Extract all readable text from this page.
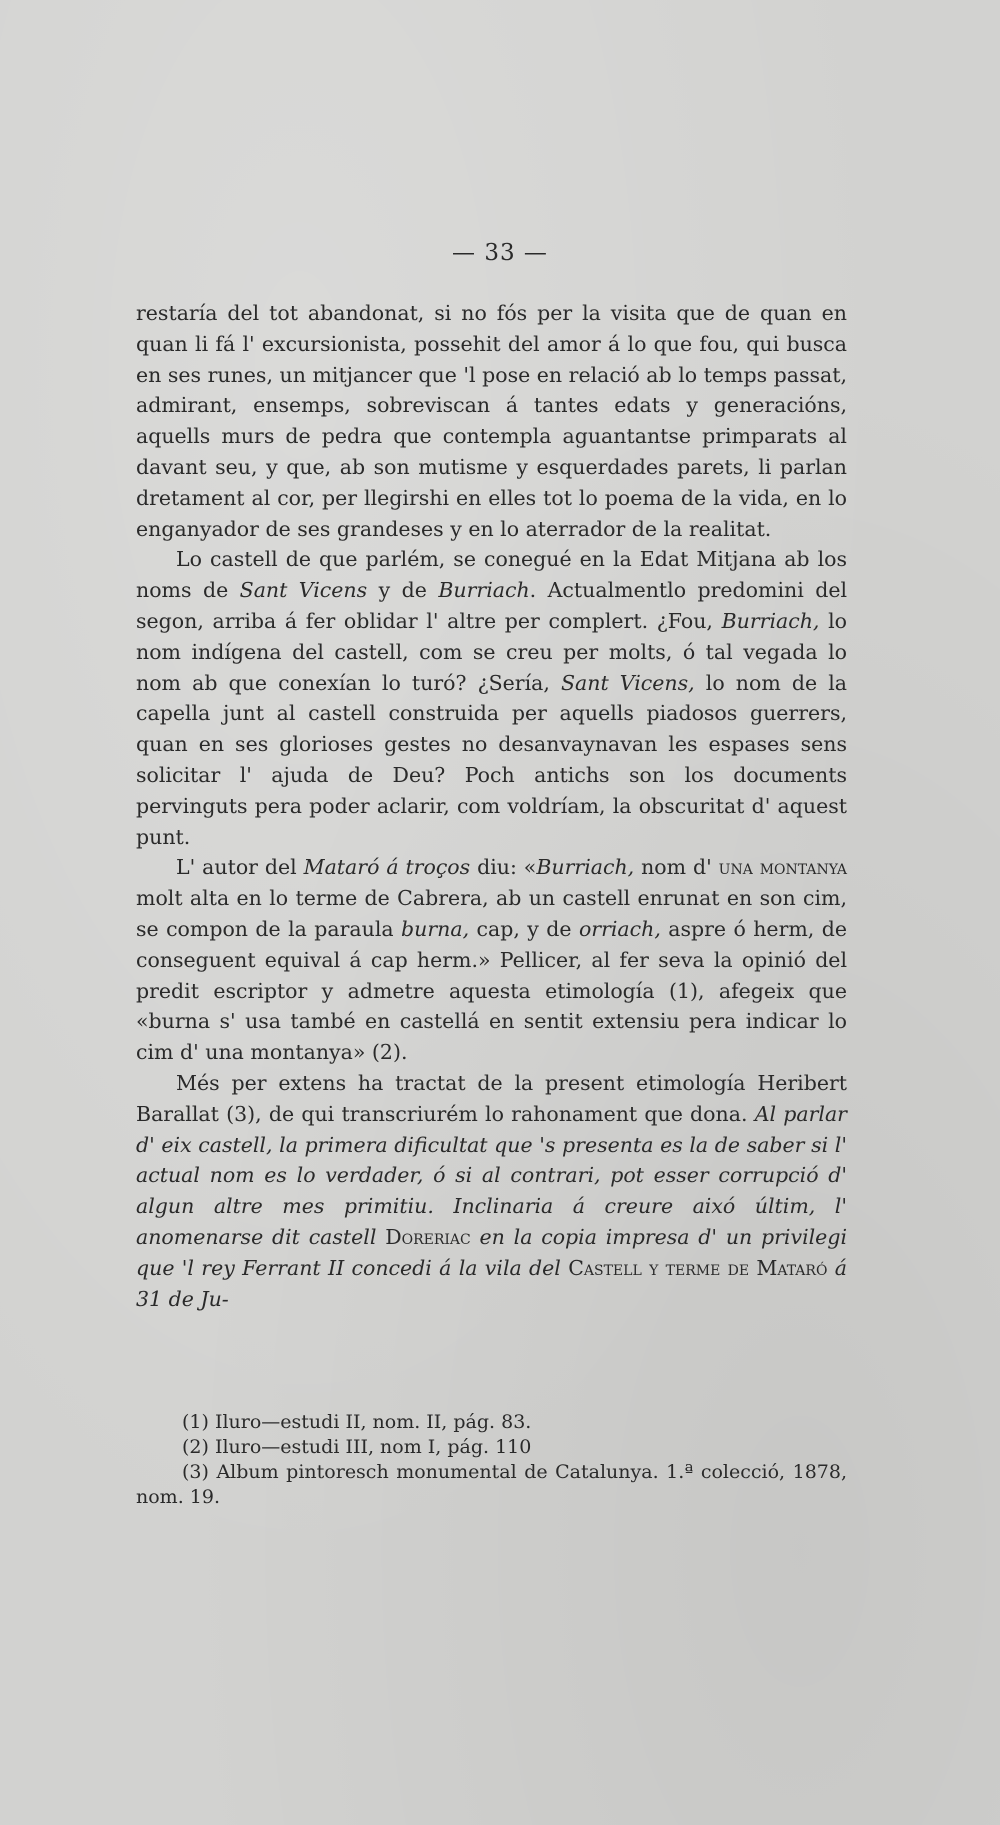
— 33 —

restaría del tot abandonat, si no fós per la visita que de quan en quan li fá l' excursionista, possehit del amor á lo que fou, qui busca en ses runes, un mitjancer que 'l pose en relació ab lo temps passat, admirant, ensemps, sobreviscan á tantes edats y generacións, aquells murs de pedra que contempla aguantantse primparats al davant seu, y que, ab son mutisme y esquerdades parets, li parlan dretament al cor, per llegirshi en elles tot lo poema de la vida, en lo enganyador de ses grandeses y en lo aterrador de la realitat.

Lo castell de que parlém, se conegué en la Edat Mitjana ab los noms de Sant Vicens y de Burriach. Actualmentlo predomini del segon, arriba á fer oblidar l' altre per complert. ¿Fou, Burriach, lo nom indígena del castell, com se creu per molts, ó tal vegada lo nom ab que conexían lo turó? ¿Sería, Sant Vicens, lo nom de la capella junt al castell construida per aquells piadosos guerrers, quan en ses glorioses gestes no desanvaynavan les espases sens solicitar l' ajuda de Deu? Poch antichs son los documents pervinguts pera poder aclarir, com voldríam, la obscuritat d' aquest punt.

L' autor del Mataró á troços diu: «Burriach, nom d' una montanya molt alta en lo terme de Cabrera, ab un castell enrunat en son cim, se compon de la paraula burna, cap, y de orriach, aspre ó herm, de conseguent equival á cap herm.» Pellicer, al fer seva la opinió del predit escriptor y admetre aquesta etimología (1), afegeix que «burna s' usa també en castellá en sentit extensiu pera indicar lo cim d' una montanya» (2).

Més per extens ha tractat de la present etimología Heribert Barallat (3), de qui transcriurém lo rahonament que dona. Al parlar d' eix castell, la primera dificultat que 's presenta es la de saber si l' actual nom es lo verdader, ó si al contrari, pot esser corrupció d' algun altre mes primitiu. Inclinaria á creure aixó últim, l' anomenarse dit castell Doreriac en la copia impresa d' un privilegi que 'l rey Ferrant II concedi á la vila del Castell y terme de Mataró á 31 de Ju-

(1) Iluro—estudi II, nom. II, pág. 83.

(2) Iluro—estudi III, nom I, pág. 110

(3) Album pintoresch monumental de Catalunya. 1.ª colecció, 1878, nom. 19.
